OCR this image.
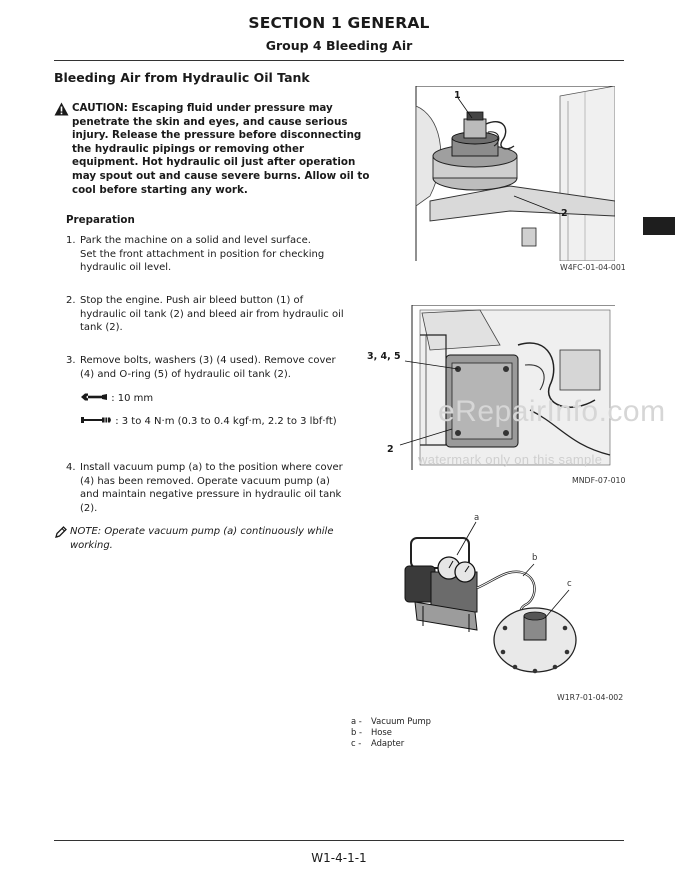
SECTION 1 GENERAL
Group 4 Bleeding Air
Bleeding Air from Hydraulic Oil Tank
CAUTION: Escaping fluid under pressure may
penetrate the skin and eyes, and cause serious
injury. Release the pressure before disconnecting
the hydraulic pipings or removing other
equipment. Hot hydraulic oil just after operation
may spout out and cause severe burns. Allow oil to
cool before starting any work.
Preparation
1. Park the machine on a solid and level surface.
Set the front attachment in position for checking
hydraulic oil level.
2. Stop the engine. Push air bleed button (1) of
hydraulic oil tank (2) and bleed air from hydraulic oil
tank (2).
3. Remove bolts, washers (3) (4 used). Remove cover
(4) and O-ring (5) of hydraulic oil tank (2).
: 10 mm
: 3 to 4 N·m (0.3 to 0.4 kgf·m, 2.2 to 3 lbf·ft)
4. Install vacuum pump (a) to the position where cover
(4) has been removed. Operate vacuum pump (a)
and maintain negative pressure in hydraulic oil tank
(2).
NOTE: Operate vacuum pump (a) continuously while
working.
1
2
W4FC-01-04-001
3, 4, 5
2
MNDF-07-010
a
b
c
W1R7-01-04-002
a -	Vacuum Pump
b -	Hose
c -	Adapter
eRepairInfo.com
watermark only on this sample
W1-4-1-1
